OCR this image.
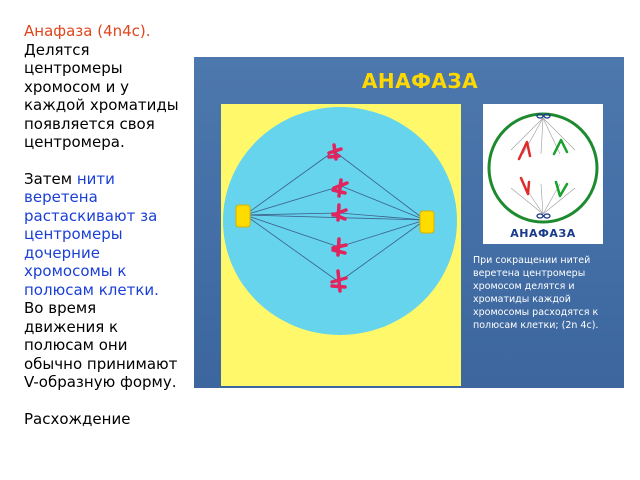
Анафаза (4n4c).
Делятся центромеры хромосом и у каждой хроматиды появляется своя центромера.

Затем нити веретена растаскивают за центромеры дочерние хромосомы к полюсам клетки. Во время движения к полюсам они обычно принимают V-образную форму.

Расхождение

АНАФАЗА
АНАФАЗА
При сокращении нитей веретена центромеры хромосом делятся и хроматиды каждой хромосомы расходятся к полюсам клетки; (2n 4c).
